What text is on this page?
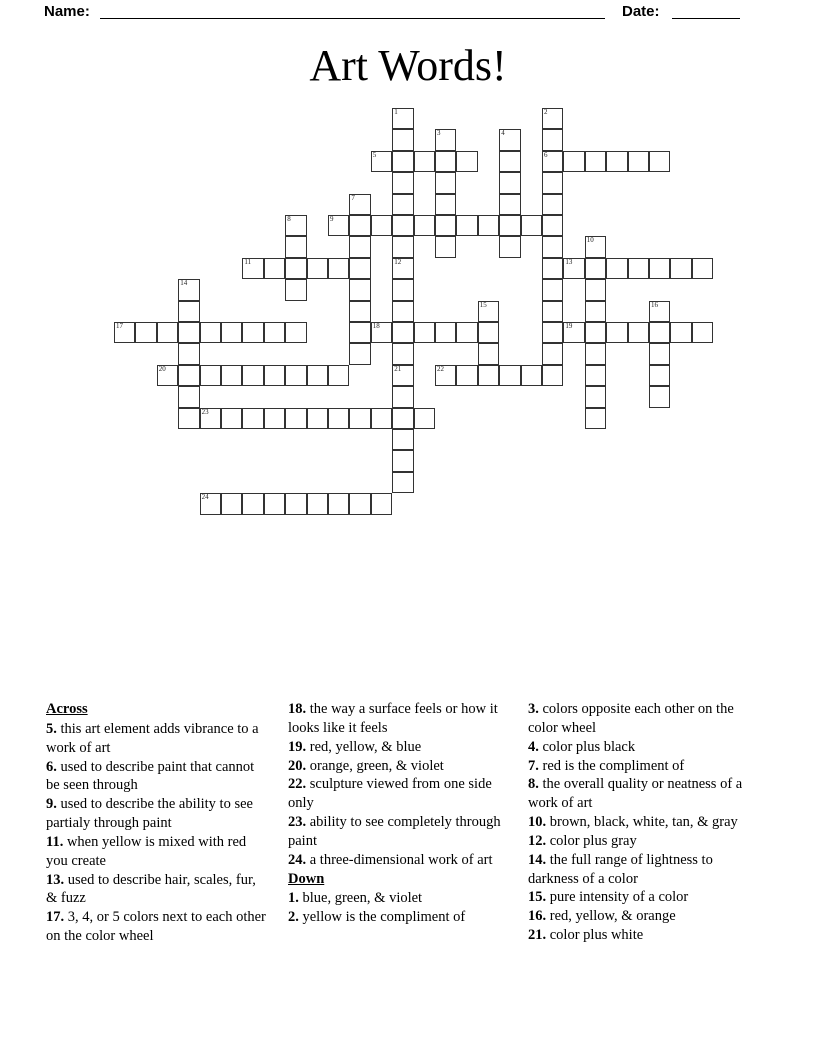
Name:	Date:
Art Words!
1	2
6
3	4
5
7
8	9
10
11	12
21
13
14
15	16
17	18	19
20	22
23
24
Across

5. this art element adds vibrance to a work of art

6. used to describe paint that cannot be seen through

9. used to describe the ability to see partialy through paint

11. when yellow is mixed with red you create

13. used to describe hair, scales, fur, & fuzz

17. 3, 4, or 5 colors next to each other on the color wheel

18. the way a surface feels or how it looks like it feels

19. red, yellow, & blue

20. orange, green, & violet

22. sculpture viewed from one side only

23. ability to see completely through paint

24. a three-dimensional work of art

Down

1. blue, green, & violet

2. yellow is the compliment of

3. colors opposite each other on the color wheel

4. color plus black

7. red is the compliment of

8. the overall quality or neatness of a work of art

10. brown, black, white, tan, & gray

12. color plus gray

14. the full range of lightness to darkness of a color

15. pure intensity of a color

16. red, yellow, & orange

21. color plus white
